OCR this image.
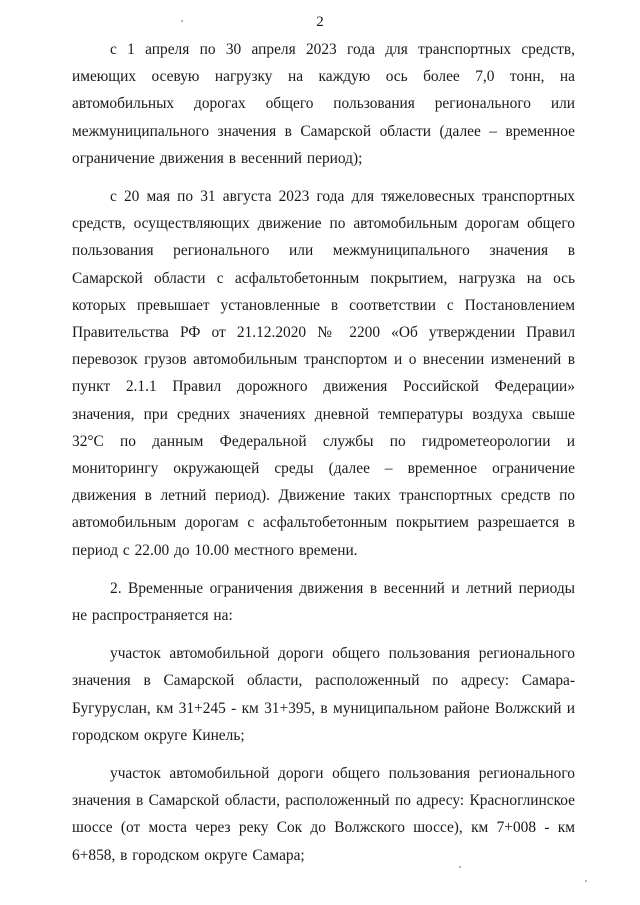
2

с 1 апреля по 30 апреля 2023 года для транспортных средств, имеющих осевую нагрузку на каждую ось более 7,0 тонн, на автомобильных дорогах общего пользования регионального или межмуниципального значения в Самарской области (далее – временное ограничение движения в весенний период);

с 20 мая по 31 августа 2023 года для тяжеловесных транспортных средств, осуществляющих движение по автомобильным дорогам общего пользования регионального или межмуниципального значения в Самарской области с асфальтобетонным покрытием, нагрузка на ось которых превышает установленные в соответствии с Постановлением Правительства РФ от 21.12.2020 № 2200 «Об утверждении Правил перевозок грузов автомобильным транспортом и о внесении изменений в пункт 2.1.1 Правил дорожного движения Российской Федерации» значения, при средних значениях дневной температуры воздуха свыше 32°C по данным Федеральной службы по гидрометеорологии и мониторингу окружающей среды (далее – временное ограничение движения в летний период). Движение таких транспортных средств по автомобильным дорогам с асфальтобетонным покрытием разрешается в период с 22.00 до 10.00 местного времени.

2. Временные ограничения движения в весенний и летний периоды не распространяется на:

участок автомобильной дороги общего пользования регионального значения в Самарской области, расположенный по адресу: Самара-Бугуруслан, км 31+245 - км 31+395, в муниципальном районе Волжский и городском округе Кинель;

участок автомобильной дороги общего пользования регионального значения в Самарской области, расположенный по адресу: Красноглинское шоссе (от моста через реку Сок до Волжского шоссе), км 7+008 - км 6+858, в городском округе Самара;
